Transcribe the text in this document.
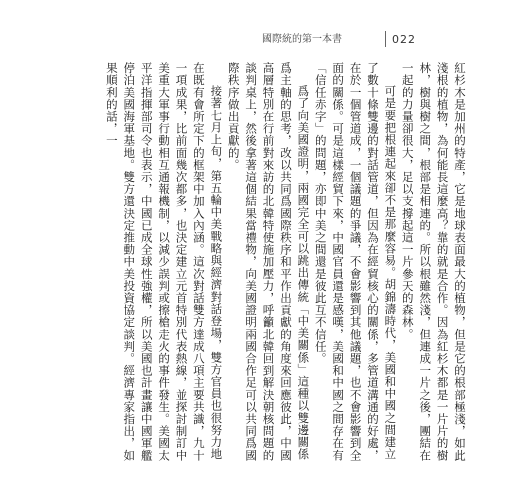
國際統的第一本書	022

紅杉木是加州的特產，它是地球表面最大的植物，但是它的根部極淺，如此淺根的植物，為何能長這麼高？靠的就是合作。因為紅杉木都是一片片的樹林，樹與樹之間，根部是相連的。所以根雖然淺，但連成一片之後，團結在一起的力量卻很大，足以支撐起這一片參天的森林。

可是要把根連起來卻不是那麼容易。胡錦濤時代，美國和中國之間建立了數十條雙邊的對話管道，但因為在經貿核心的關係，多管道溝通的好處，在於一個管道成，一個議題的爭議，不會影響到其他議題，也不會影響到全面的關係。可是這樣經貿下來，中國官員還是感嘆，美國和中國之間存在有「信任赤字」的問題，亦即中美之間還是彼此互不信任。

爲了向美國證明，兩國完全可以跳出傳統「中美關係」這種以雙邊關係爲主軸的思考，改以共同爲國際秩序和平作出貢獻的角度來回應彼此，中國高層特別在行前對來訪的北韓特使施加壓力，呼籲北韓回到解決朝核問題的談判桌上，然後拿著這個結果當禮物，向美國證明兩國合作足可以共同爲國際秩序做出貢獻的。

接著七月上旬，第五輪中美戰略與經濟對話登場，雙方官員也很努力地在既有會所定下的框架中加入內涵。這次對話雙方達成八項主要共識，九十一項成果，比前面幾次都多，也決定建立元首特別代表熱線，並探討制訂中美重大軍事行動相互通報機制，以減少誤判或擦槍走火的事件發生。美國太平洋指揮部司令也表示，中國已成全球性強權，所以美國也計畫讓中國軍艦停泊美國海軍基地。雙方還決定推動中美投資協定談判。經濟專家指出，如果順利的話，一
